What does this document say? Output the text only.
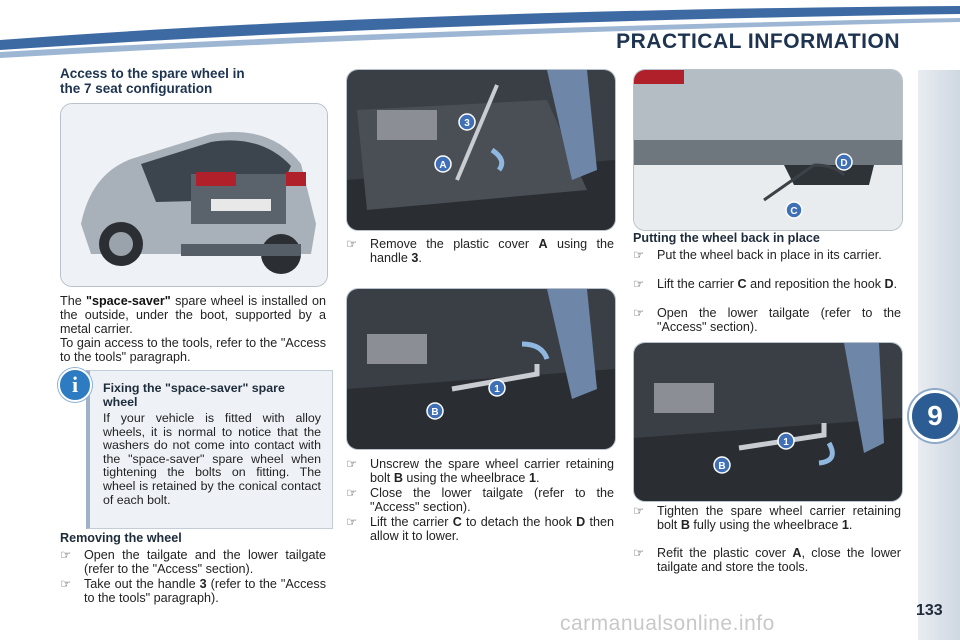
PRACTICAL INFORMATION
9
133
carmanualsonline.info
Access to the spare wheel in
the 7 seat configuration
The "space-saver" spare wheel is installed on the outside, under the boot, supported by a metal carrier.
To gain access to the tools, refer to the "Access to the tools" paragraph.
i	Fixing the "space-saver" spare wheel
If your vehicle is fitted with alloy wheels, it is normal to notice that the washers do not come into contact with the "space-saver" spare wheel when tightening the bolts on fitting. The wheel is retained by the conical contact of each bolt.
Removing the wheel
☞ Open the tailgate and the lower tailgate (refer to the "Access" section).
☞ Take out the handle 3 (refer to the "Access to the tools" paragraph).
3
A
☞ Remove the plastic cover A using the handle 3.
1
B
☞ Unscrew the spare wheel carrier retaining bolt B using the wheelbrace 1.
☞ Close the lower tailgate (refer to the "Access" section).
☞ Lift the carrier C to detach the hook D then allow it to lower.
D
C
Putting the wheel back in place
☞ Put the wheel back in place in its carrier.
☞ Lift the carrier C and reposition the hook D.
☞ Open the lower tailgate (refer to the "Access" section).
1
B
☞ Tighten the spare wheel carrier retaining bolt B fully using the wheelbrace 1.
☞ Refit the plastic cover A, close the lower tailgate and store the tools.
